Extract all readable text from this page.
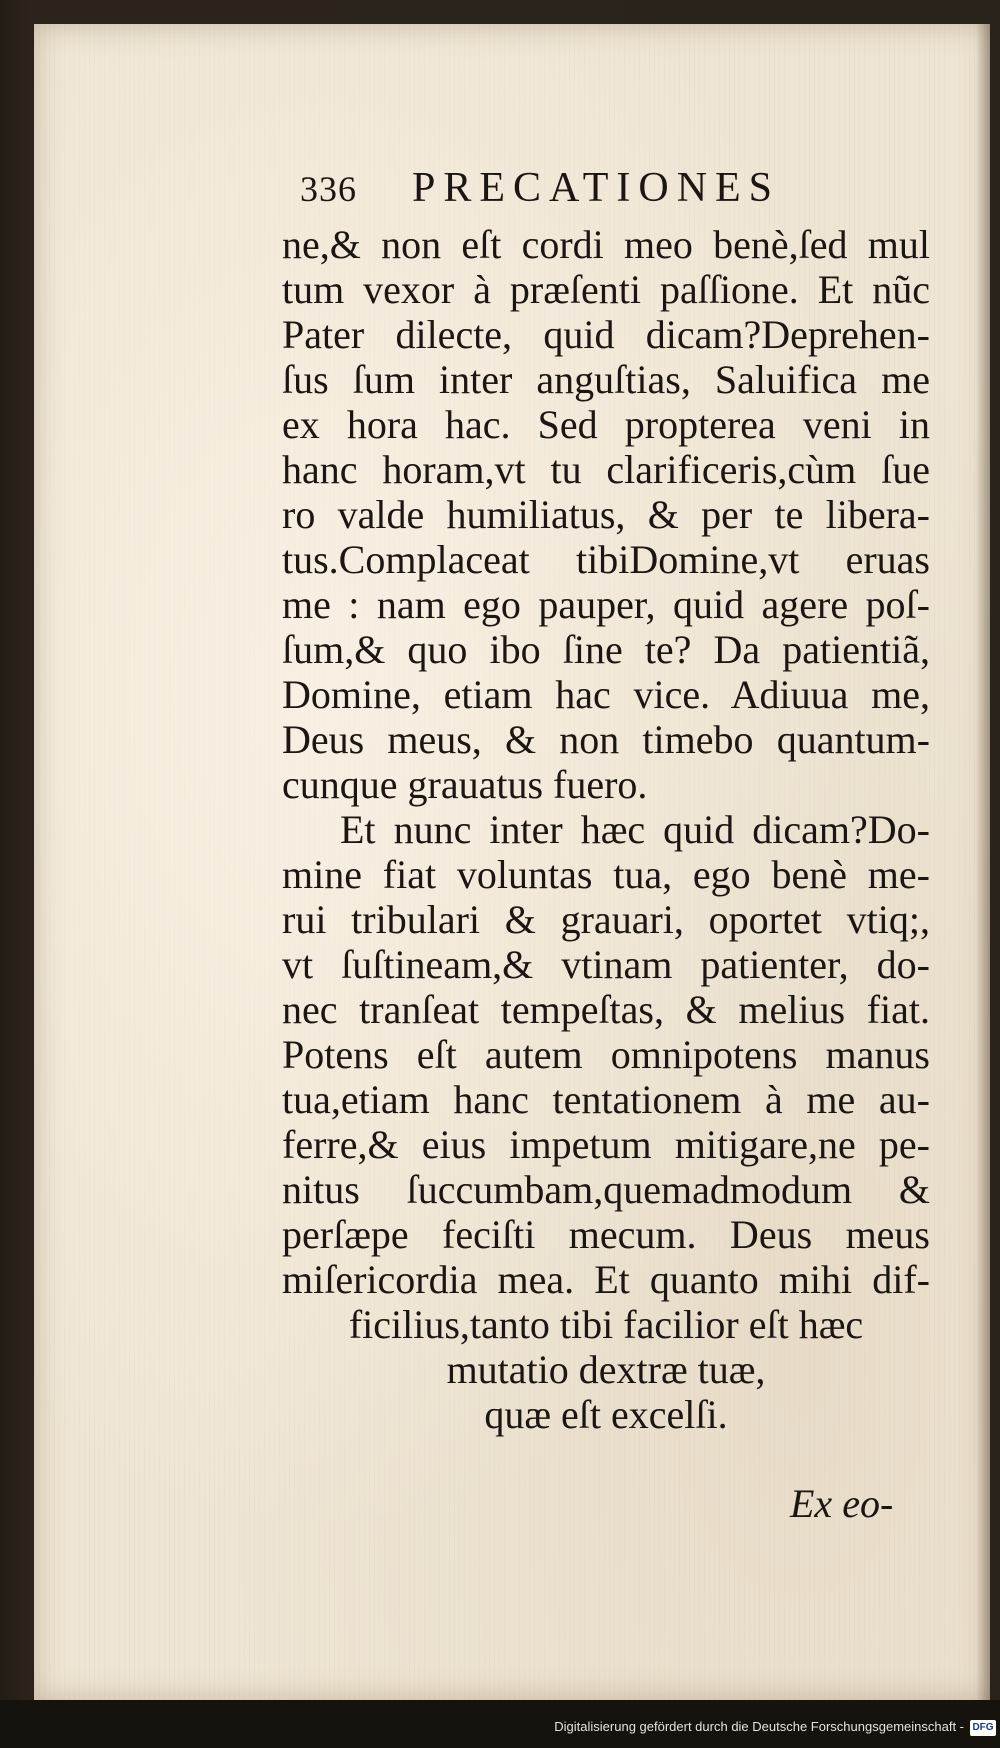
336 PRECATIONES
ne,& non eſt cordi meo benè,ſed mul
tum vexor à præſenti paſſione. Et nũc
Pater dilecte, quid dicam?Deprehen-
ſus ſum inter anguſtias, Saluifica me
ex hora hac. Sed propterea veni in
hanc horam,vt tu clarificeris,cùm ſue
ro valde humiliatus, & per te libera-
tus.Complaceat tibiDomine,vt eruas
me : nam ego pauper, quid agere poſ-
ſum,& quo ibo ſine te? Da patientiã,
Domine, etiam hac vice. Adiuua me,
Deus meus, & non timebo quantum-
cunque grauatus fuero.
Et nunc inter hæc quid dicam?Do-
mine fiat voluntas tua, ego benè me-
rui tribulari & grauari, oportet vtiq;,
vt ſuſtineam,& vtinam patienter, do-
nec tranſeat tempeſtas, & melius fiat.
Potens eſt autem omnipotens manus
tua,etiam hanc tentationem à me au-
ferre,& eius impetum mitigare,ne pe-
nitus ſuccumbam,quemadmodum &
perſæpe feciſti mecum. Deus meus
miſericordia mea. Et quanto mihi dif-
ficilius,tanto tibi facilior eſt hæc
mutatio dextræ tuæ,
quæ eſt excelſi.
Ex eo-
Digitalisierung gefördert durch die Deutsche Forschungsgemeinschaft - DFG
